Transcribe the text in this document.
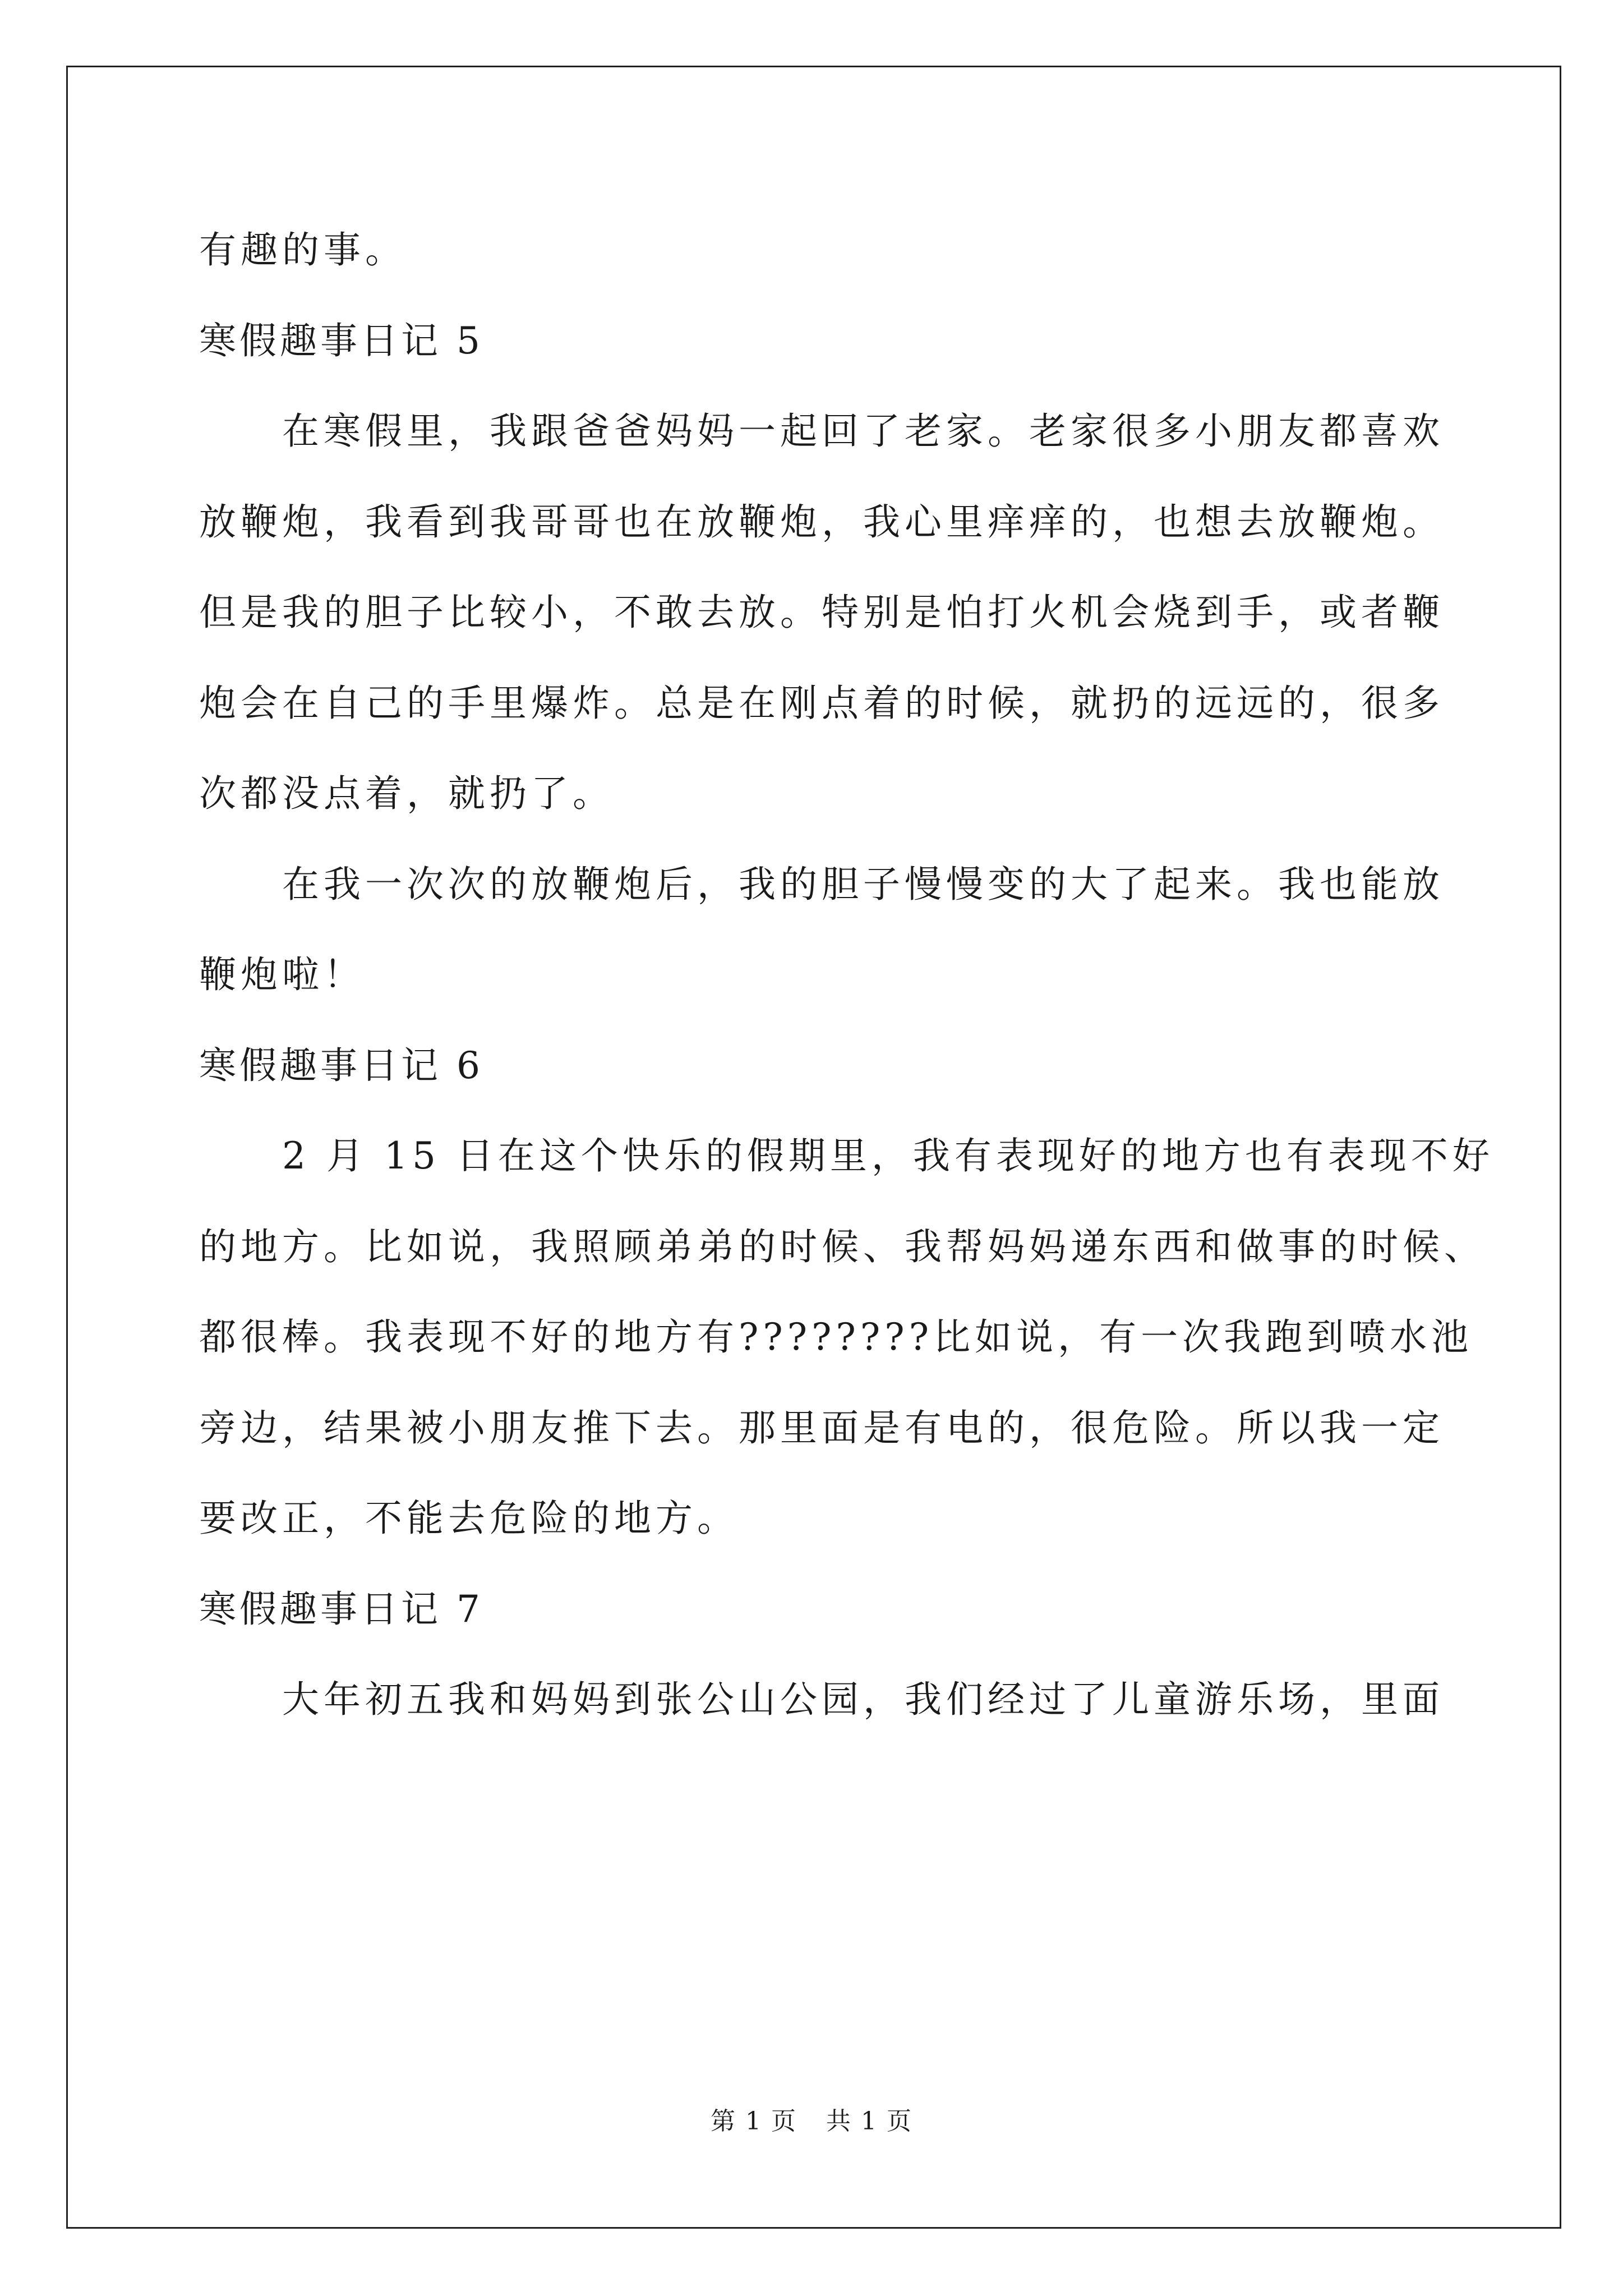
有趣的事。
寒假趣事日记 5
在寒假里，我跟爸爸妈妈一起回了老家。老家很多小朋友都喜欢
放鞭炮，我看到我哥哥也在放鞭炮，我心里痒痒的，也想去放鞭炮。
但是我的胆子比较小，不敢去放。特别是怕打火机会烧到手，或者鞭
炮会在自己的手里爆炸。总是在刚点着的时候，就扔的远远的，很多
次都没点着，就扔了。
在我一次次的放鞭炮后，我的胆子慢慢变的大了起来。我也能放
鞭炮啦！
寒假趣事日记 6
2 月 15 日在这个快乐的假期里，我有表现好的地方也有表现不好
的地方。比如说，我照顾弟弟的时候、我帮妈妈递东西和做事的时候、
都很棒。我表现不好的地方有????????比如说，有一次我跑到喷水池
旁边，结果被小朋友推下去。那里面是有电的，很危险。所以我一定
要改正，不能去危险的地方。
寒假趣事日记 7
大年初五我和妈妈到张公山公园，我们经过了儿童游乐场，里面
第 1 页 共 1 页
